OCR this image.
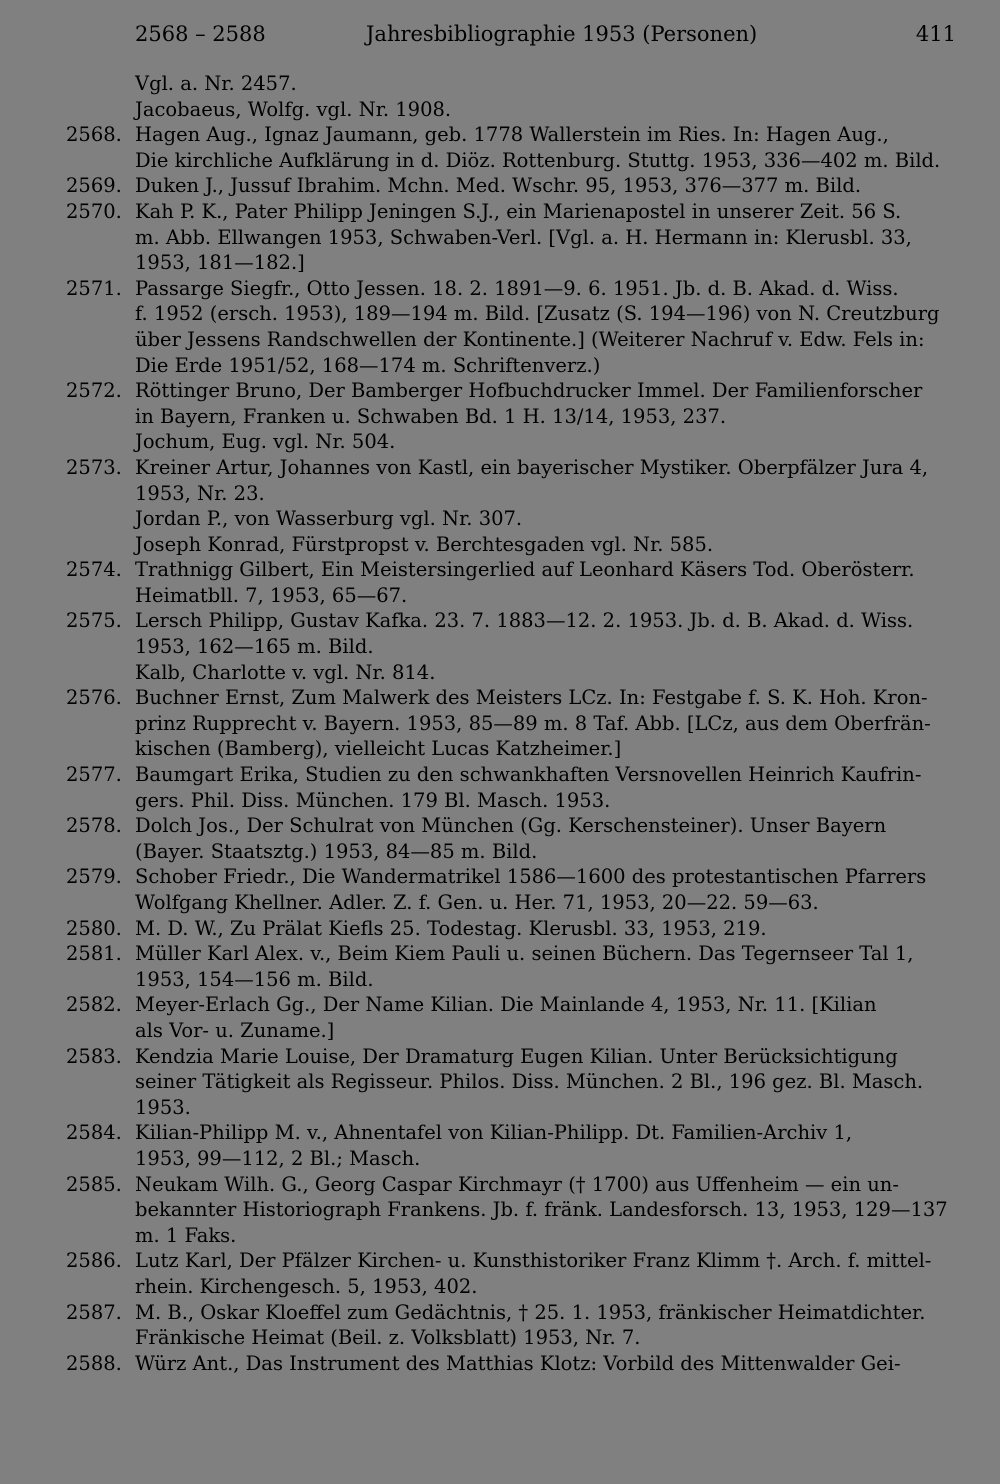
2568 – 2588	Jahresbibliographie 1953 (Personen)	411
Vgl. a. Nr. 2457.
Jacobaeus, Wolfg. vgl. Nr. 1908.
2568. Hagen Aug., Ignaz Jaumann, geb. 1778 Wallerstein im Ries. In: Hagen Aug.,
Die kirchliche Aufklärung in d. Diöz. Rottenburg. Stuttg. 1953, 336—402 m. Bild.
2569. Duken J., Jussuf Ibrahim. Mchn. Med. Wschr. 95, 1953, 376—377 m. Bild.
2570. Kah P. K., Pater Philipp Jeningen S.J., ein Marienapostel in unserer Zeit. 56 S.
m. Abb. Ellwangen 1953, Schwaben-Verl. [Vgl. a. H. Hermann in: Klerusbl. 33,
1953, 181—182.]
2571. Passarge Siegfr., Otto Jessen. 18. 2. 1891—9. 6. 1951. Jb. d. B. Akad. d. Wiss.
f. 1952 (ersch. 1953), 189—194 m. Bild. [Zusatz (S. 194—196) von N. Creutzburg
über Jessens Randschwellen der Kontinente.] (Weiterer Nachruf v. Edw. Fels in:
Die Erde 1951/52, 168—174 m. Schriftenverz.)
2572. Röttinger Bruno, Der Bamberger Hofbuchdrucker Immel. Der Familienforscher
in Bayern, Franken u. Schwaben Bd. 1 H. 13/14, 1953, 237.
Jochum, Eug. vgl. Nr. 504.
2573. Kreiner Artur, Johannes von Kastl, ein bayerischer Mystiker. Oberpfälzer Jura 4,
1953, Nr. 23.
Jordan P., von Wasserburg vgl. Nr. 307.
Joseph Konrad, Fürstpropst v. Berchtesgaden vgl. Nr. 585.
2574. Trathnigg Gilbert, Ein Meistersingerlied auf Leonhard Käsers Tod. Oberösterr.
Heimatbll. 7, 1953, 65—67.
2575. Lersch Philipp, Gustav Kafka. 23. 7. 1883—12. 2. 1953. Jb. d. B. Akad. d. Wiss.
1953, 162—165 m. Bild.
Kalb, Charlotte v. vgl. Nr. 814.
2576. Buchner Ernst, Zum Malwerk des Meisters LCz. In: Festgabe f. S. K. Hoh. Kron-
prinz Rupprecht v. Bayern. 1953, 85—89 m. 8 Taf. Abb. [LCz, aus dem Oberfrän-
kischen (Bamberg), vielleicht Lucas Katzheimer.]
2577. Baumgart Erika, Studien zu den schwankhaften Versnovellen Heinrich Kaufrin-
gers. Phil. Diss. München. 179 Bl. Masch. 1953.
2578. Dolch Jos., Der Schulrat von München (Gg. Kerschensteiner). Unser Bayern
(Bayer. Staatsztg.) 1953, 84—85 m. Bild.
2579. Schober Friedr., Die Wandermatrikel 1586—1600 des protestantischen Pfarrers
Wolfgang Khellner. Adler. Z. f. Gen. u. Her. 71, 1953, 20—22. 59—63.
2580. M. D. W., Zu Prälat Kiefls 25. Todestag. Klerusbl. 33, 1953, 219.
2581. Müller Karl Alex. v., Beim Kiem Pauli u. seinen Büchern. Das Tegernseer Tal 1,
1953, 154—156 m. Bild.
2582. Meyer-Erlach Gg., Der Name Kilian. Die Mainlande 4, 1953, Nr. 11. [Kilian
als Vor- u. Zuname.]
2583. Kendzia Marie Louise, Der Dramaturg Eugen Kilian. Unter Berücksichtigung
seiner Tätigkeit als Regisseur. Philos. Diss. München. 2 Bl., 196 gez. Bl. Masch.
1953.
2584. Kilian-Philipp M. v., Ahnentafel von Kilian-Philipp. Dt. Familien-Archiv 1,
1953, 99—112, 2 Bl.; Masch.
2585. Neukam Wilh. G., Georg Caspar Kirchmayr († 1700) aus Uffenheim — ein un-
bekannter Historiograph Frankens. Jb. f. fränk. Landesforsch. 13, 1953, 129—137
m. 1 Faks.
2586. Lutz Karl, Der Pfälzer Kirchen- u. Kunsthistoriker Franz Klimm †. Arch. f. mittel-
rhein. Kirchengesch. 5, 1953, 402.
2587. M. B., Oskar Kloeffel zum Gedächtnis, † 25. 1. 1953, fränkischer Heimatdichter.
Fränkische Heimat (Beil. z. Volksblatt) 1953, Nr. 7.
2588. Würz Ant., Das Instrument des Matthias Klotz: Vorbild des Mittenwalder Gei-
